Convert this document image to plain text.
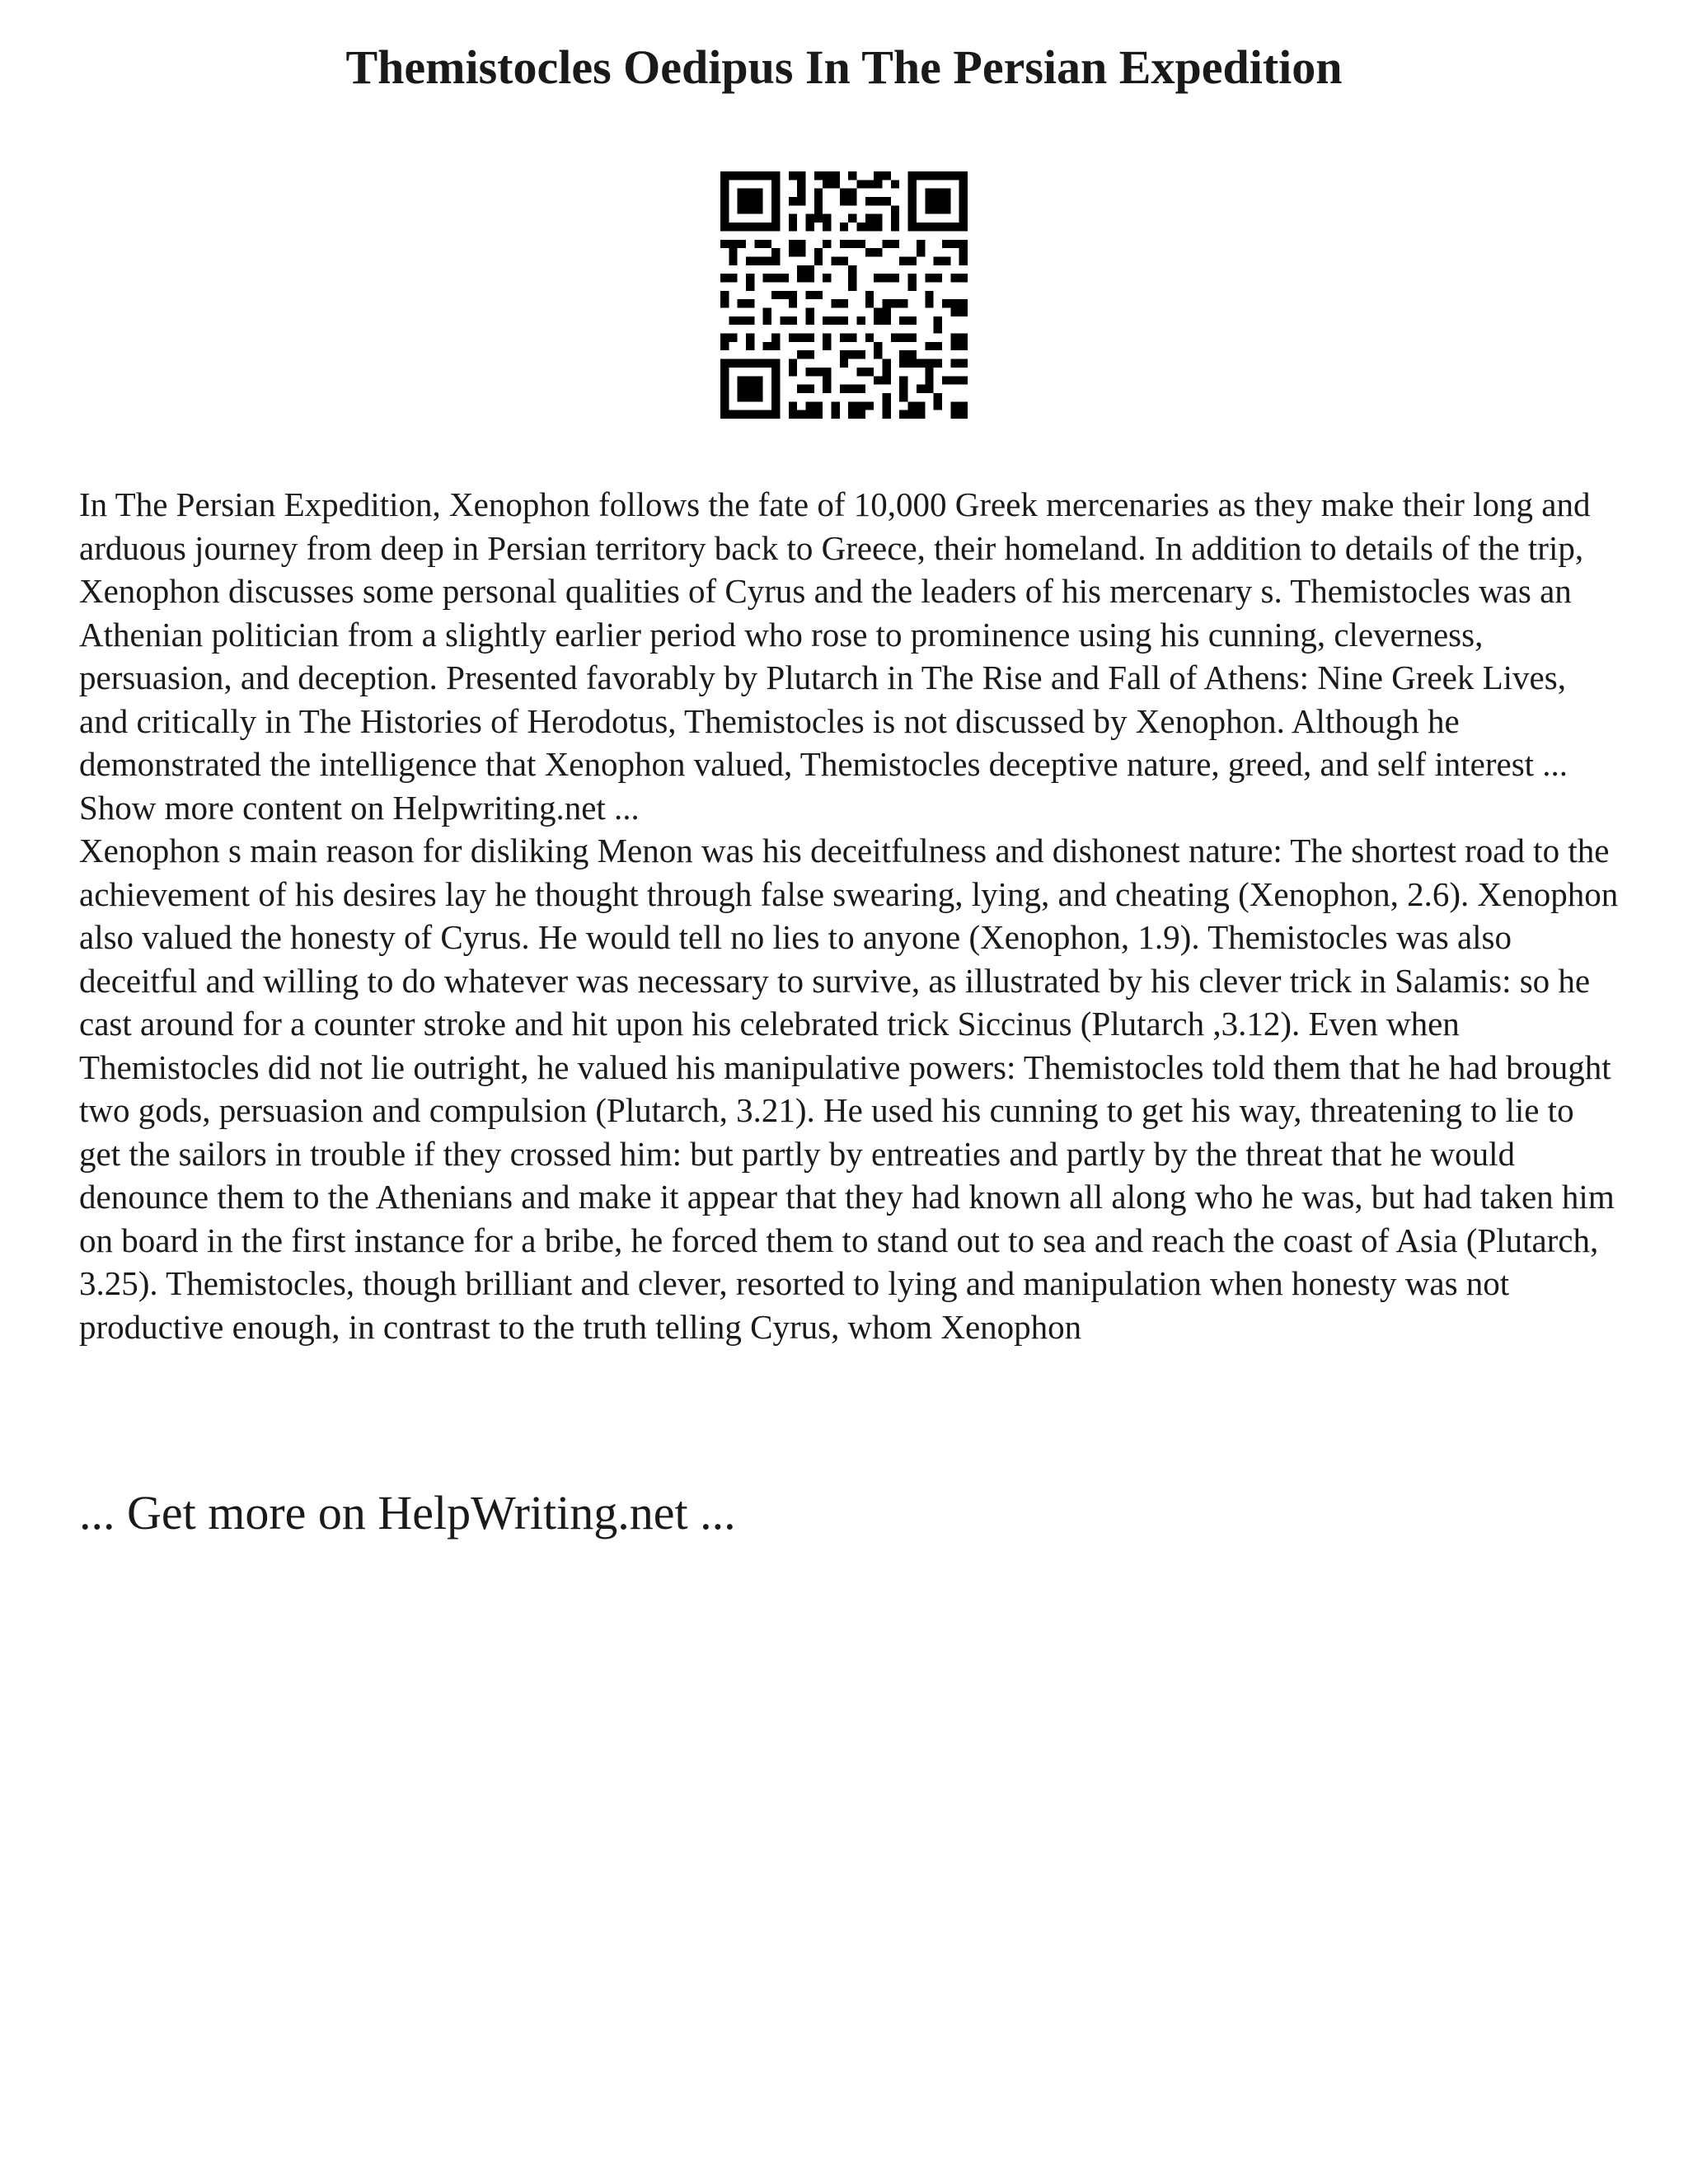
Themistocles Oedipus In The Persian Expedition

In The Persian Expedition, Xenophon follows the fate of 10,000 Greek mercenaries as they make their long and arduous journey from deep in Persian territory back to Greece, their homeland. In addition to details of the trip, Xenophon discusses some personal qualities of Cyrus and the leaders of his mercenary s. Themistocles was an Athenian politician from a slightly earlier period who rose to prominence using his cunning, cleverness, persuasion, and deception. Presented favorably by Plutarch in The Rise and Fall of Athens: Nine Greek Lives, and critically in The Histories of Herodotus, Themistocles is not discussed by Xenophon. Although he demonstrated the intelligence that Xenophon valued, Themistocles deceptive nature, greed, and self interest ... Show more content on Helpwriting.net ...

Xenophon s main reason for disliking Menon was his deceitfulness and dishonest nature: The shortest road to the achievement of his desires lay he thought through false swearing, lying, and cheating (Xenophon, 2.6). Xenophon also valued the honesty of Cyrus. He would tell no lies to anyone (Xenophon, 1.9). Themistocles was also deceitful and willing to do whatever was necessary to survive, as illustrated by his clever trick in Salamis: so he cast around for a counter stroke and hit upon his celebrated trick Siccinus (Plutarch ,3.12). Even when Themistocles did not lie outright, he valued his manipulative powers: Themistocles told them that he had brought two gods, persuasion and compulsion (Plutarch, 3.21). He used his cunning to get his way, threatening to lie to get the sailors in trouble if they crossed him: but partly by entreaties and partly by the threat that he would denounce them to the Athenians and make it appear that they had known all along who he was, but had taken him on board in the first instance for a bribe, he forced them to stand out to sea and reach the coast of Asia (Plutarch, 3.25). Themistocles, though brilliant and clever, resorted to lying and manipulation when honesty was not productive enough, in contrast to the truth telling Cyrus, whom Xenophon

... Get more on HelpWriting.net ...
